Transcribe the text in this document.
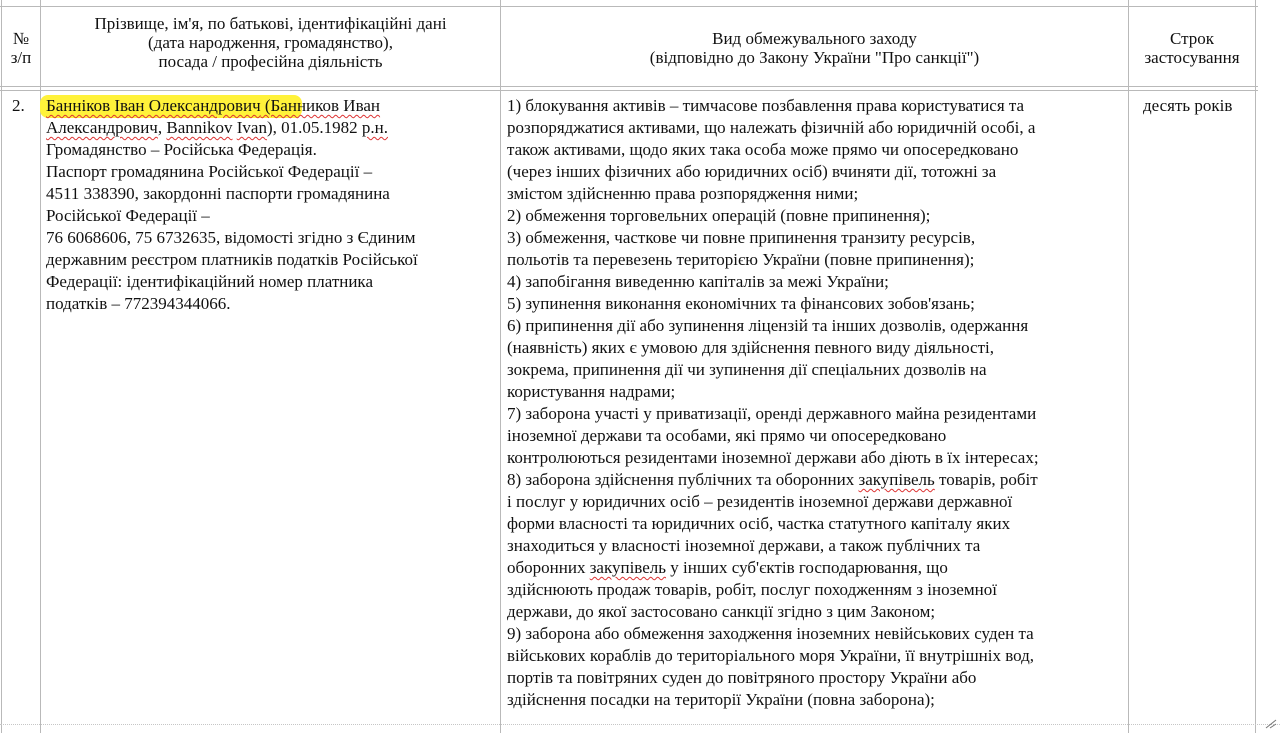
№
з/п
Прізвище, ім'я, по батькові, ідентифікаційні дані
(дата народження, громадянство),
посада / професійна діяльність
Вид обмежувального заходу
(відповідно до Закону України "Про санкції")
Строк
застосування
2. Банніков Іван Олександрович (Банников Иван
Александрович, Bannikov Ivan), 01.05.1982 р.н.
Громадянство – Російська Федерація.
Паспорт громадянина Російської Федерації –
4511 338390, закордонні паспорти громадянина
Російської Федерації –
76 6068606, 75 6732635, відомості згідно з Єдиним
державним реєстром платників податків Російської
Федерації: ідентифікаційний номер платника
податків – 772394344066.
1) блокування активів – тимчасове позбавлення права користуватися та
розпоряджатися активами, що належать фізичній або юридичній особі, а
також активами, щодо яких така особа може прямо чи опосередковано
(через інших фізичних або юридичних осіб) вчиняти дії, тотожні за
змістом здійсненню права розпорядження ними;
2) обмеження торговельних операцій (повне припинення);
3) обмеження, часткове чи повне припинення транзиту ресурсів,
польотів та перевезень територією України (повне припинення);
4) запобігання виведенню капіталів за межі України;
5) зупинення виконання економічних та фінансових зобов'язань;
6) припинення дії або зупинення ліцензій та інших дозволів, одержання
(наявність) яких є умовою для здійснення певного виду діяльності,
зокрема, припинення дії чи зупинення дії спеціальних дозволів на
користування надрами;
7) заборона участі у приватизації, оренді державного майна резидентами
іноземної держави та особами, які прямо чи опосередковано
контролюються резидентами іноземної держави або діють в їх інтересах;
8) заборона здійснення публічних та оборонних закупівель товарів, робіт
і послуг у юридичних осіб – резидентів іноземної держави державної
форми власності та юридичних осіб, частка статутного капіталу яких
знаходиться у власності іноземної держави, а також публічних та
оборонних закупівель у інших суб'єктів господарювання, що
здійснюють продаж товарів, робіт, послуг походженням з іноземної
держави, до якої застосовано санкції згідно з цим Законом;
9) заборона або обмеження заходження іноземних невійськових суден та
військових кораблів до територіального моря України, її внутрішніх вод,
портів та повітряних суден до повітряного простору України або
здійснення посадки на території України (повна заборона);
десять років
